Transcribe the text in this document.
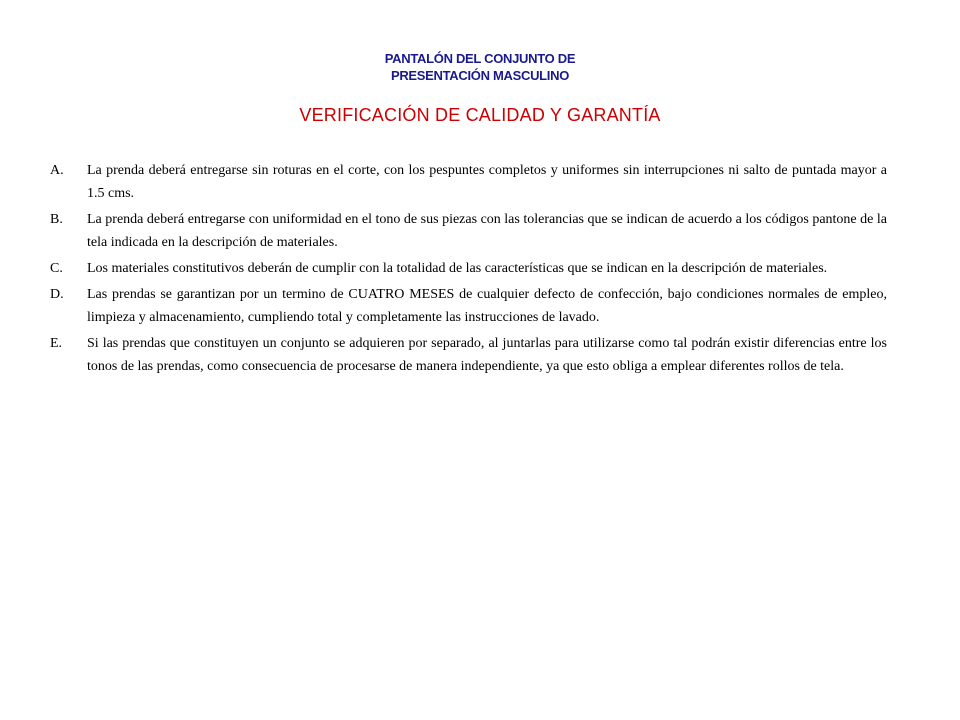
PANTALÓN DEL CONJUNTO DE
PRESENTACIÓN MASCULINO
VERIFICACIÓN DE CALIDAD Y GARANTÍA
A. La prenda deberá entregarse sin roturas en el corte, con los pespuntes completos y uniformes sin interrupciones ni salto de puntada mayor a 1.5 cms.
B. La prenda deberá entregarse con uniformidad en el tono de sus piezas con las tolerancias que se indican de acuerdo a los códigos pantone de la tela indicada en la descripción de materiales.
C. Los materiales constitutivos deberán de cumplir con la totalidad de las características que se indican en la descripción de materiales.
D. Las prendas se garantizan por un termino de CUATRO MESES de cualquier defecto de confección, bajo condiciones normales de empleo, limpieza y almacenamiento, cumpliendo total y completamente las instrucciones de lavado.
E. Si las prendas que constituyen un conjunto se adquieren por separado, al juntarlas para utilizarse como tal podrán existir diferencias entre los tonos de las prendas, como consecuencia de procesarse de manera independiente, ya que esto obliga a emplear diferentes rollos de tela.
